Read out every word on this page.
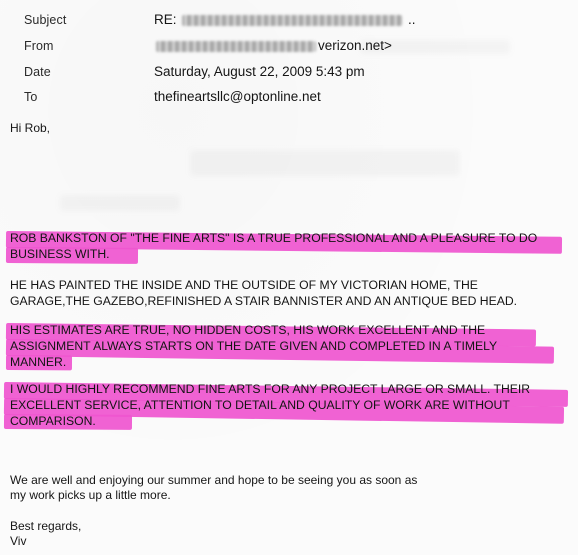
Subject	RE:	..
From	verizon.net>
Date	Saturday, August 22, 2009 5:43 pm
To	thefineartsllc@optonline.net
Hi Rob,
ROB BANKSTON OF "THE FINE ARTS" IS A TRUE PROFESSIONAL AND A PLEASURE TO DO BUSINESS WITH.
HE HAS PAINTED THE INSIDE AND THE OUTSIDE OF MY VICTORIAN HOME, THE
GARAGE,THE GAZEBO,REFINISHED A STAIR BANNISTER AND AN ANTIQUE BED HEAD.
HIS ESTIMATES ARE TRUE, NO HIDDEN COSTS, HIS WORK EXCELLENT AND THE ASSIGNMENT ALWAYS STARTS ON THE DATE GIVEN AND COMPLETED IN A TIMELY MANNER.
I WOULD HIGHLY RECOMMEND FINE ARTS FOR ANY PROJECT LARGE OR SMALL. THEIR EXCELLENT SERVICE, ATTENTION TO DETAIL AND QUALITY OF WORK ARE WITHOUT COMPARISON.
We are well and enjoying our summer and hope to be seeing you as soon as
my work picks up a little more.
Best regards,
Viv
